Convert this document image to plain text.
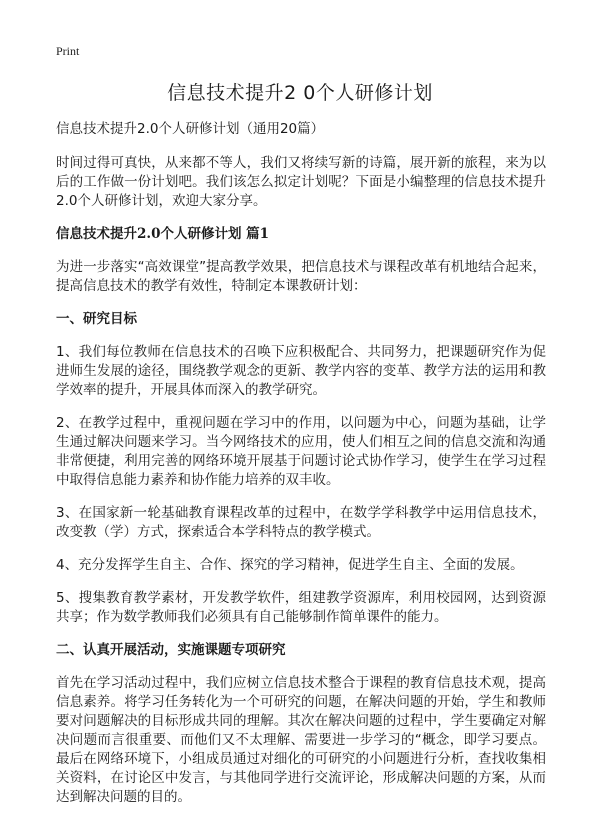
Print
信息技术提升2 0个人研修计划
信息技术提升2.0个人研修计划（通用20篇）

时间过得可真快，从来都不等人，我们又将续写新的诗篇，展开新的旅程，来为以后的工作做一份计划吧。我们该怎么拟定计划呢？下面是小编整理的信息技术提升2.0个人研修计划，欢迎大家分享。

信息技术提升2.0个人研修计划 篇1

为进一步落实“高效课堂”提高教学效果，把信息技术与课程改革有机地结合起来，提高信息技术的教学有效性，特制定本课教研计划：

一、研究目标

1、我们每位教师在信息技术的召唤下应积极配合、共同努力，把课题研究作为促进师生发展的途径，围绕教学观念的更新、教学内容的变革、教学方法的运用和教学效率的提升，开展具体而深入的教学研究。

2、在教学过程中，重视问题在学习中的作用，以问题为中心，问题为基础，让学生通过解决问题来学习。当今网络技术的应用，使人们相互之间的信息交流和沟通非常便捷，利用完善的网络环境开展基于问题讨论式协作学习，使学生在学习过程中取得信息能力素养和协作能力培养的双丰收。

3、在国家新一轮基础教育课程改革的过程中，在数学学科教学中运用信息技术，改变教（学）方式，探索适合本学科特点的教学模式。

4、充分发挥学生自主、合作、探究的学习精神，促进学生自主、全面的发展。

5、搜集教育教学素材，开发教学软件，组建教学资源库，利用校园网，达到资源共享；作为数学教师我们必须具有自己能够制作简单课件的能力。

二、认真开展活动，实施课题专项研究

首先在学习活动过程中，我们应树立信息技术整合于课程的教育信息技术观，提高信息素养。将学习任务转化为一个可研究的问题，在解决问题的开始，学生和教师要对问题解决的目标形成共同的理解。其次在解决问题的过程中，学生要确定对解决问题而言很重要、而他们又不太理解、需要进一步学习的“概念，即学习要点。最后在网络环境下，小组成员通过对细化的可研究的小问题进行分析，查找收集相关资料，在讨论区中发言，与其他同学进行交流评论，形成解决问题的方案，从而达到解决问题的目的。
